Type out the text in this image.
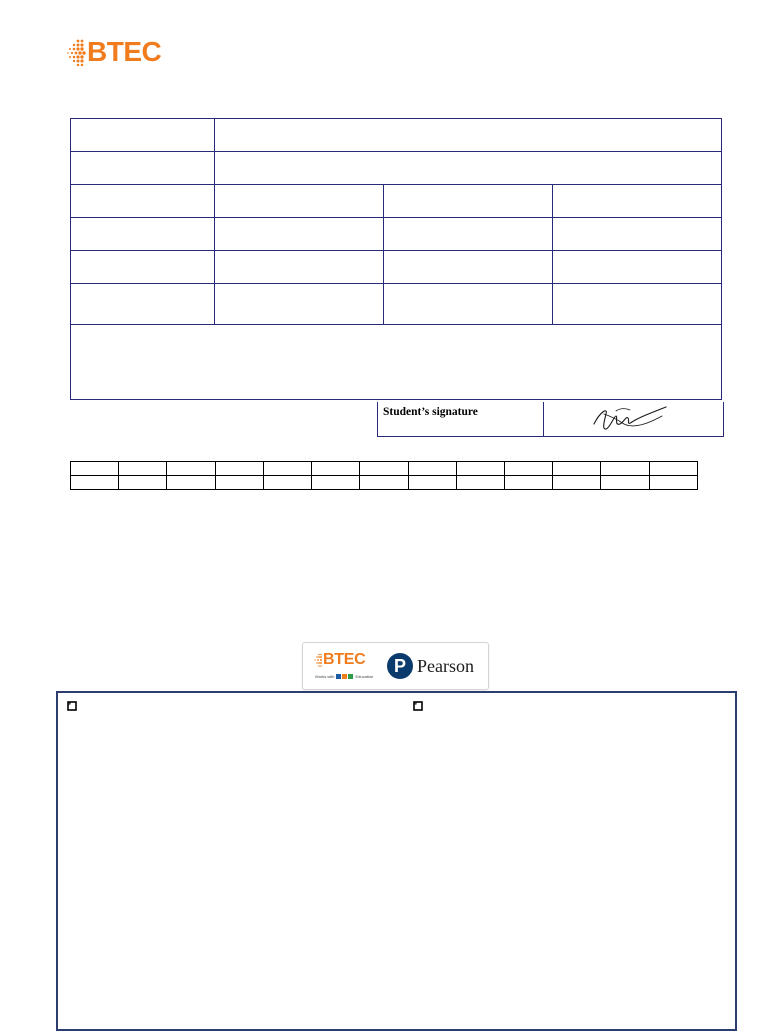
BTEC

Student’s signature

BTEC
Works with	Education
P Pearson
